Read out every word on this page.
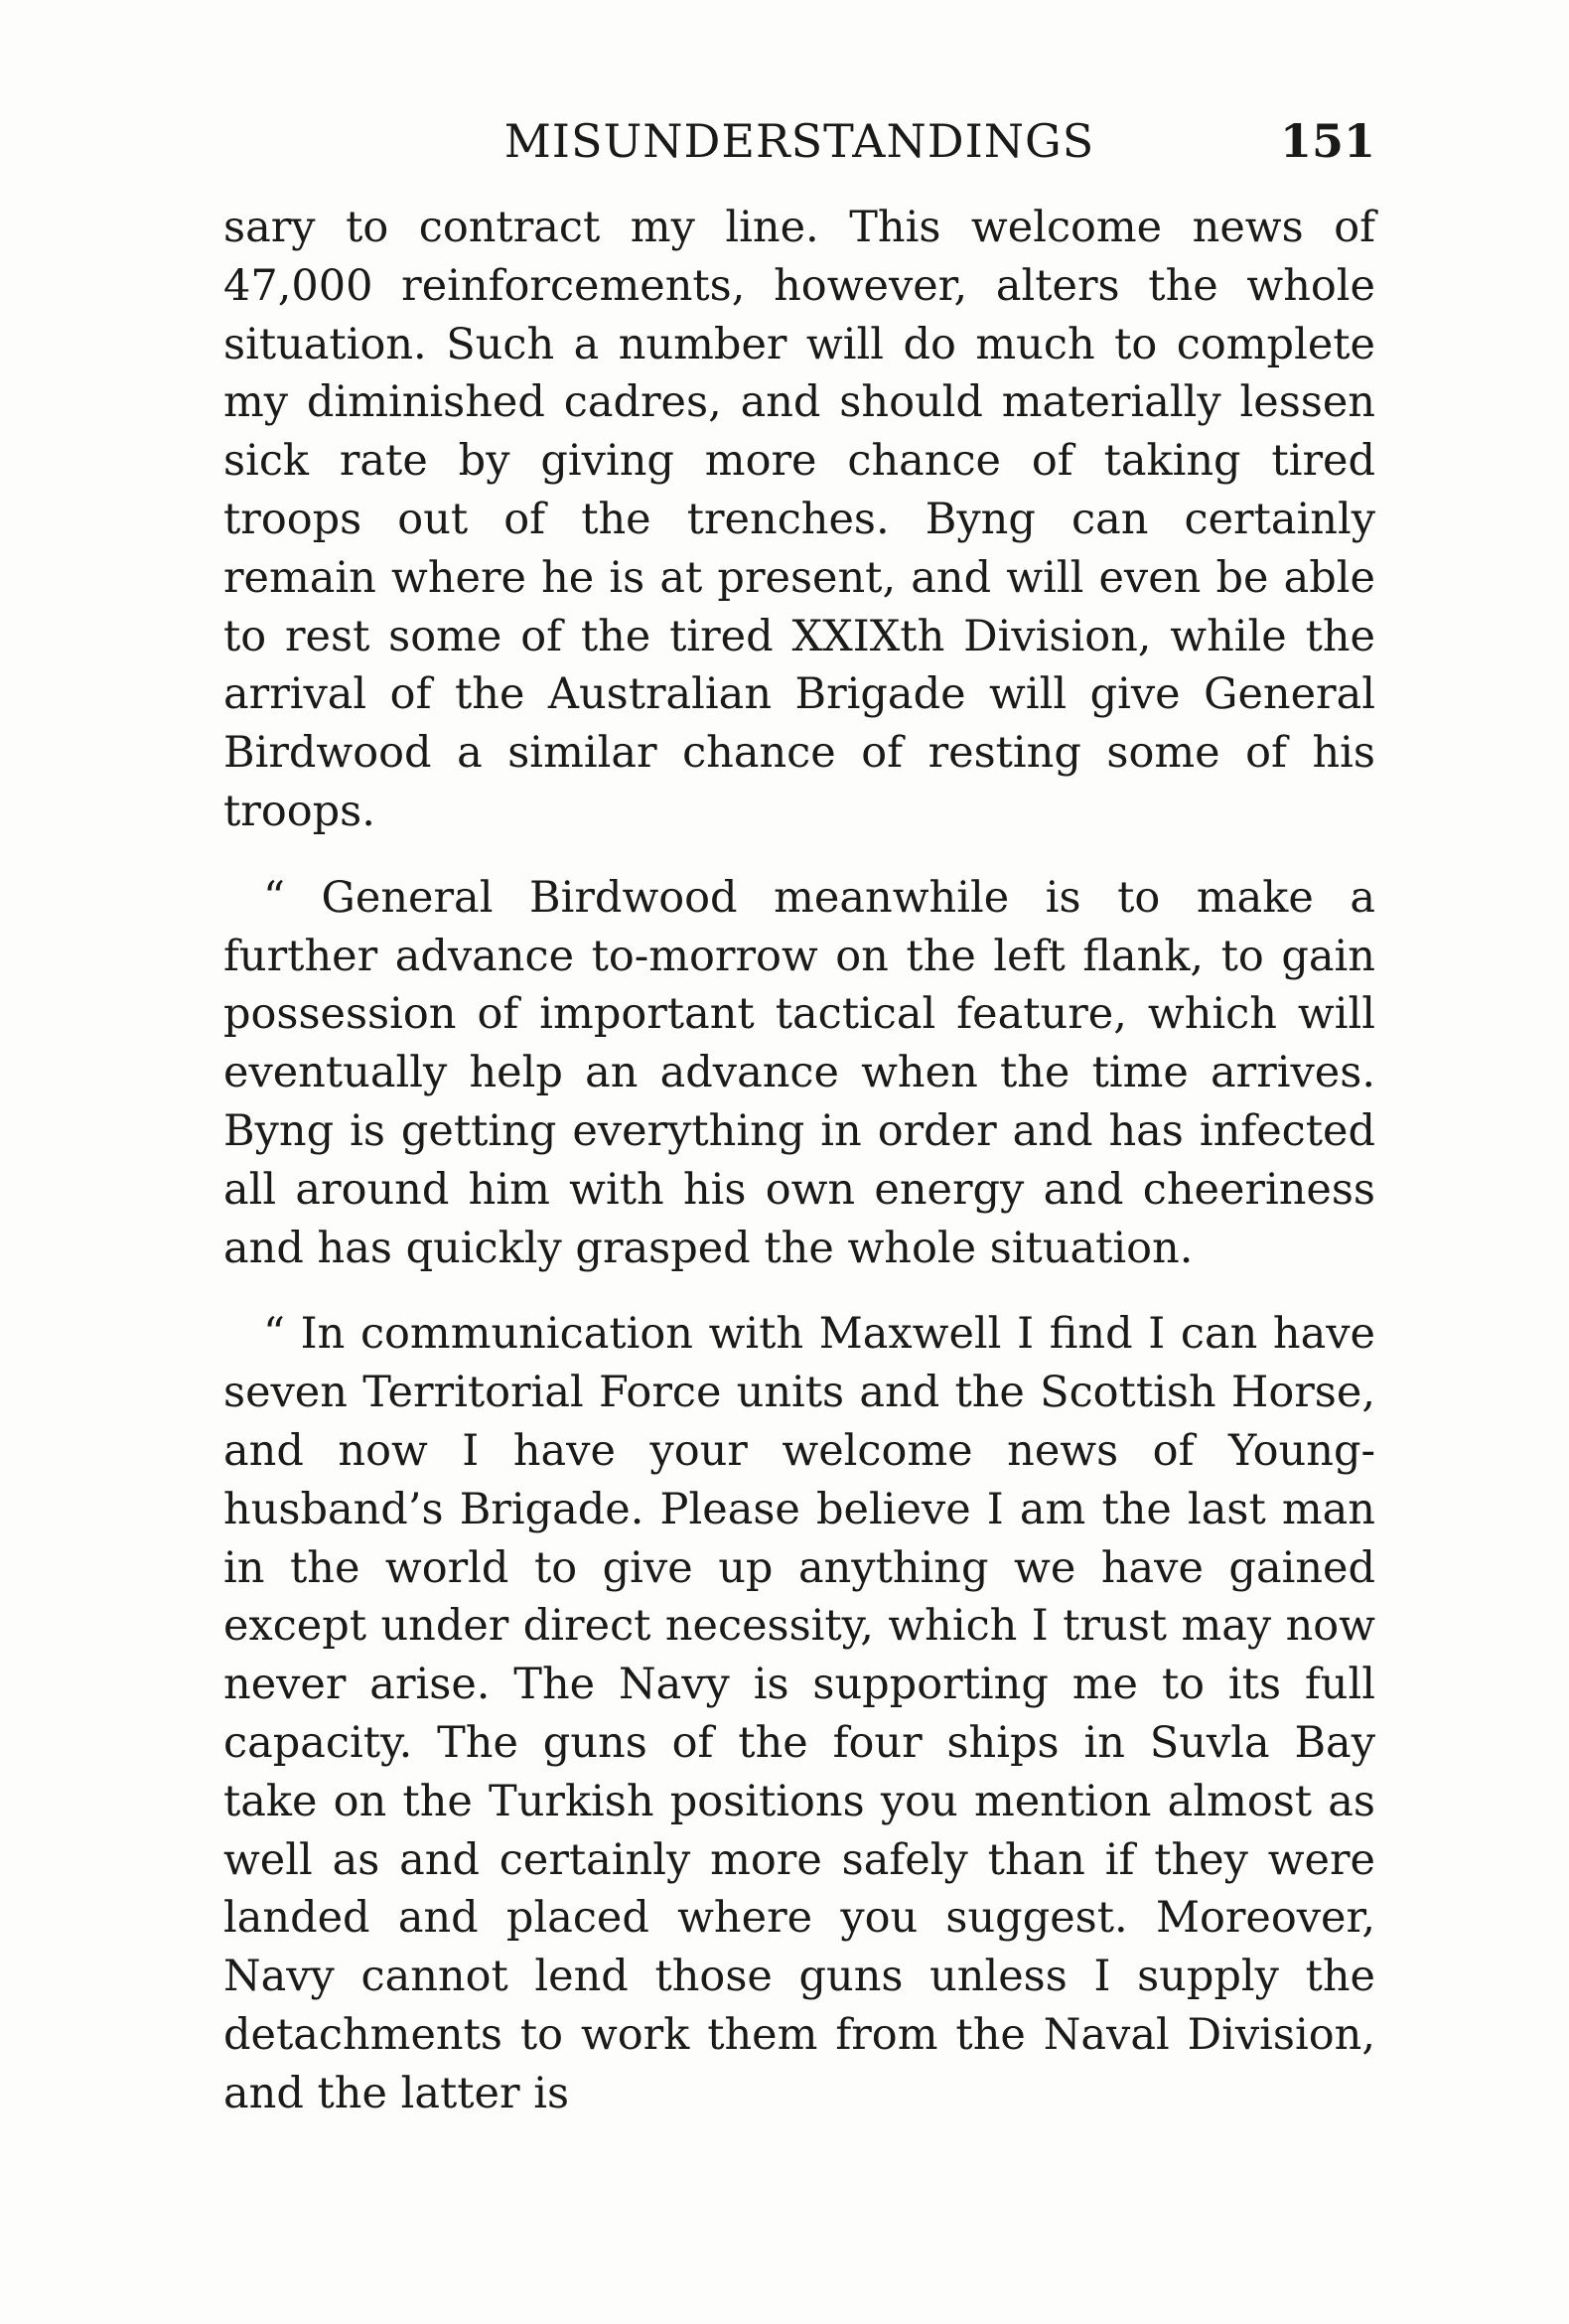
MISUNDERSTANDINGS	151

sary to contract my line. This welcome news of 47,000 reinforcements, however, alters the whole situation. Such a number will do much to complete my diminished cadres, and should materially lessen sick rate by giving more chance of taking tired troops out of the trenches. Byng can certainly remain where he is at present, and will even be able to rest some of the tired XXIXth Division, while the arrival of the Australian Brigade will give General Birdwood a similar chance of resting some of his troops.

“ General Birdwood meanwhile is to make a further advance to-morrow on the left flank, to gain possession of important tactical feature, which will eventually help an advance when the time arrives. Byng is getting everything in order and has infected all around him with his own energy and cheeriness and has quickly grasped the whole situation.

“ In communication with Maxwell I find I can have seven Territorial Force units and the Scottish Horse, and now I have your welcome news of Young-husband’s Brigade. Please believe I am the last man in the world to give up anything we have gained except under direct necessity, which I trust may now never arise. The Navy is supporting me to its full capacity. The guns of the four ships in Suvla Bay take on the Turkish positions you mention almost as well as and certainly more safely than if they were landed and placed where you suggest. Moreover, Navy cannot lend those guns unless I supply the detachments to work them from the Naval Division, and the latter is
